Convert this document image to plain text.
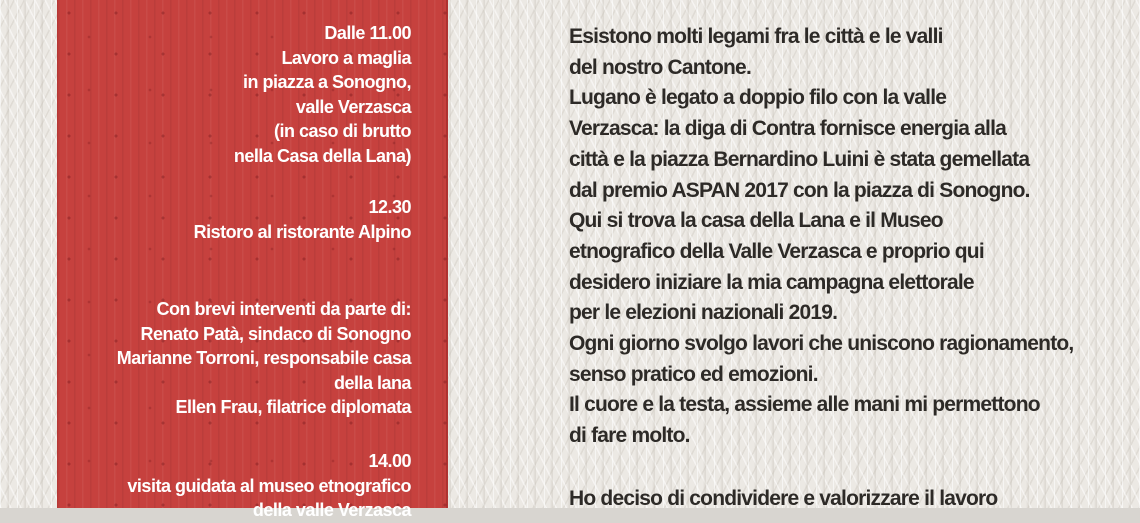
Dalle 11.00
Lavoro a maglia
in piazza a Sonogno,
valle Verzasca
(in caso di brutto
nella Casa della Lana)
12.30
Ristoro al ristorante Alpino
Con brevi interventi da parte di:
Renato Patà, sindaco di Sonogno
Marianne Torroni, responsabile casa
della lana
Ellen Frau, filatrice diplomata
14.00
visita guidata al museo etnografico
della valle Verzasca
Esistono molti legami fra le città e le valli
del nostro Cantone.
Lugano è legato a doppio filo con la valle
Verzasca: la diga di Contra fornisce energia alla
città e la piazza Bernardino Luini è stata gemellata
dal premio ASPAN 2017 con la piazza di Sonogno.
Qui si trova la casa della Lana e il Museo
etnografico della Valle Verzasca e proprio qui
desidero iniziare la mia campagna elettorale
per le elezioni nazionali 2019.
Ogni giorno svolgo lavori che uniscono ragionamento,
senso pratico ed emozioni.
Il cuore e la testa, assieme alle mani mi permettono
di fare molto.
Ho deciso di condividere e valorizzare il lavoro
